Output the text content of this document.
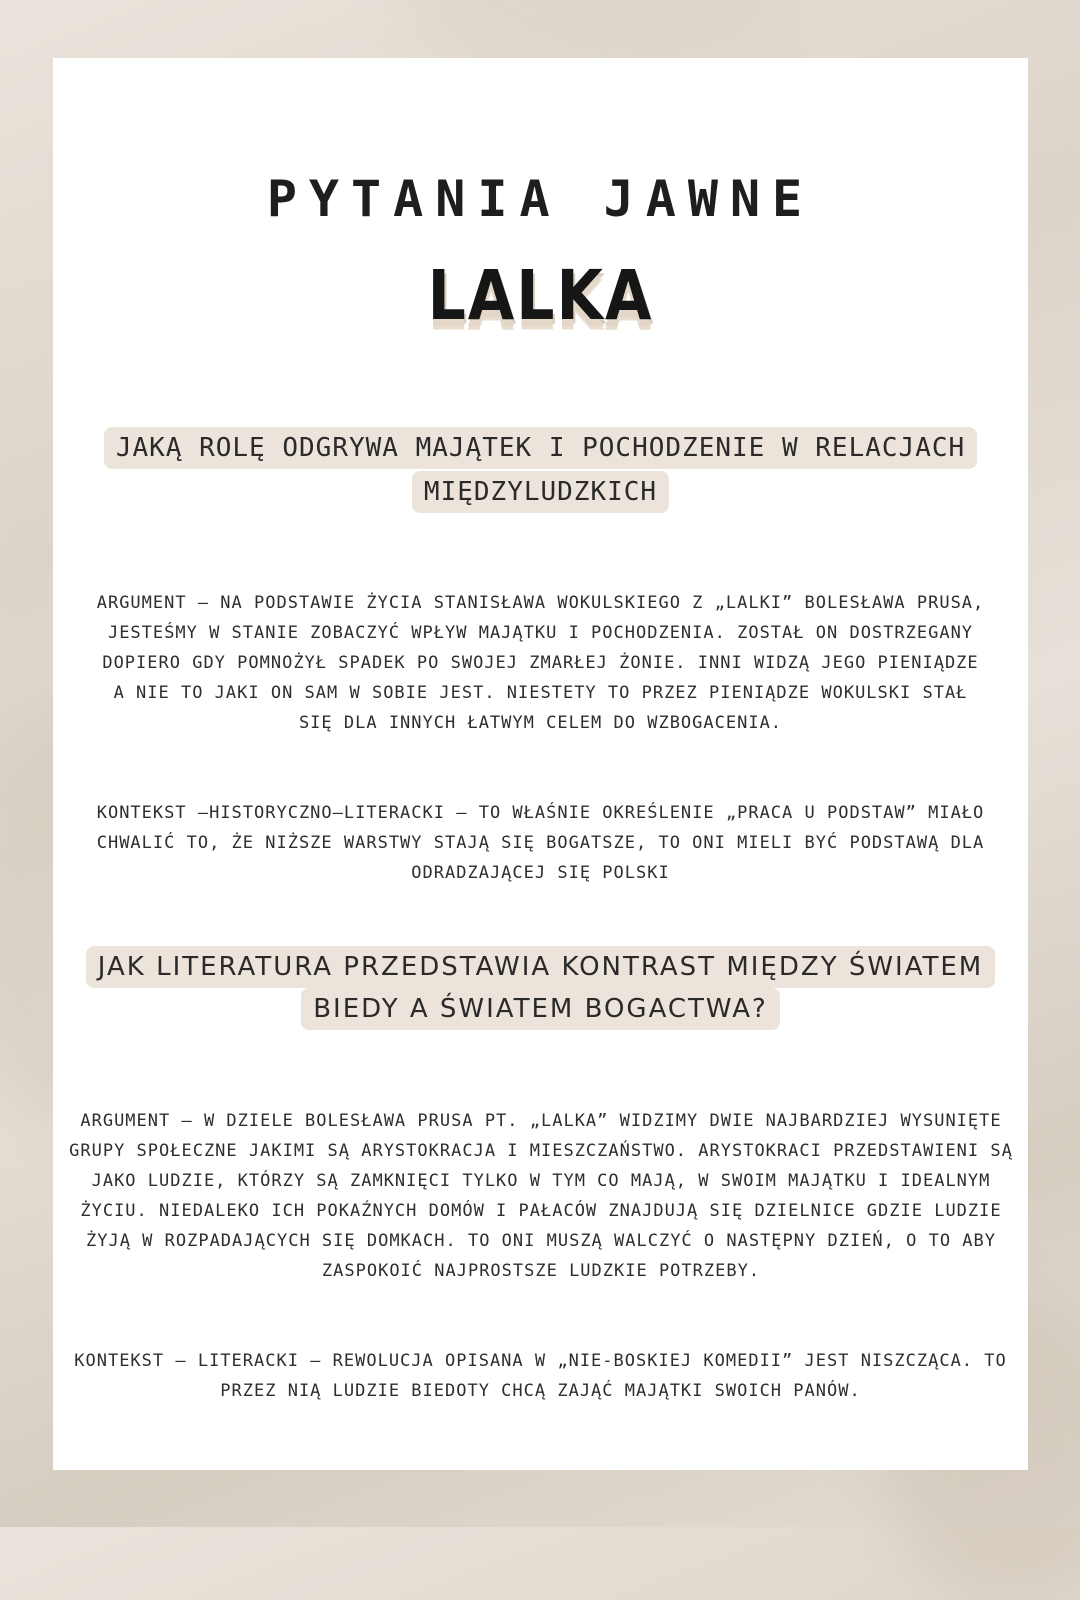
PYTANIA JAWNE
LALKA

JAKĄ ROLĘ ODGRYWA MAJĄTEK I POCHODZENIE W RELACJACH MIĘDZYLUDZKICH

ARGUMENT – NA PODSTAWIE ŻYCIA STANISŁAWA WOKULSKIEGO Z „LALKI” BOLESŁAWA PRUSA, JESTEŚMY W STANIE ZOBACZYĆ WPŁYW MAJĄTKU I POCHODZENIA. ZOSTAŁ ON DOSTRZEGANY DOPIERO GDY POMNOŻYŁ SPADEK PO SWOJEJ ZMARŁEJ ŻONIE. INNI WIDZĄ JEGO PIENIĄDZE A NIE TO JAKI ON SAM W SOBIE JEST. NIESTETY TO PRZEZ PIENIĄDZE WOKULSKI STAŁ SIĘ DLA INNYCH ŁATWYM CELEM DO WZBOGACENIA.

KONTEKST –HISTORYCZNO–LITERACKI – TO WŁAŚNIE OKREŚLENIE „PRACA U PODSTAW” MIAŁO CHWALIĆ TO, ŻE NIŻSZE WARSTWY STAJĄ SIĘ BOGATSZE, TO ONI MIELI BYĆ PODSTAWĄ DLA ODRADZAJĄCEJ SIĘ POLSKI

JAK LITERATURA PRZEDSTAWIA KONTRAST MIĘDZY ŚWIATEM BIEDY A ŚWIATEM BOGACTWA?

ARGUMENT – W DZIELE BOLESŁAWA PRUSA PT. „LALKA” WIDZIMY DWIE NAJBARDZIEJ WYSUNIĘTE GRUPY SPOŁECZNE JAKIMI SĄ ARYSTOKRACJA I MIESZCZAŃSTWO. ARYSTOKRACI PRZEDSTAWIENI SĄ JAKO LUDZIE, KTÓRZY SĄ ZAMKNIĘCI TYLKO W TYM CO MAJĄ, W SWOIM MAJĄTKU I IDEALNYM ŻYCIU. NIEDALEKO ICH POKAŹNYCH DOMÓW I PAŁACÓW ZNAJDUJĄ SIĘ DZIELNICE GDZIE LUDZIE ŻYJĄ W ROZPADAJĄCYCH SIĘ DOMKACH. TO ONI MUSZĄ WALCZYĆ O NASTĘPNY DZIEŃ, O TO ABY ZASPOKOIĆ NAJPROSTSZE LUDZKIE POTRZEBY.

KONTEKST – LITERACKI – REWOLUCJA OPISANA W „NIE-BOSKIEJ KOMEDII” JEST NISZCZĄCA. TO PRZEZ NIĄ LUDZIE BIEDOTY CHCĄ ZAJĄĆ MAJĄTKI SWOICH PANÓW.
